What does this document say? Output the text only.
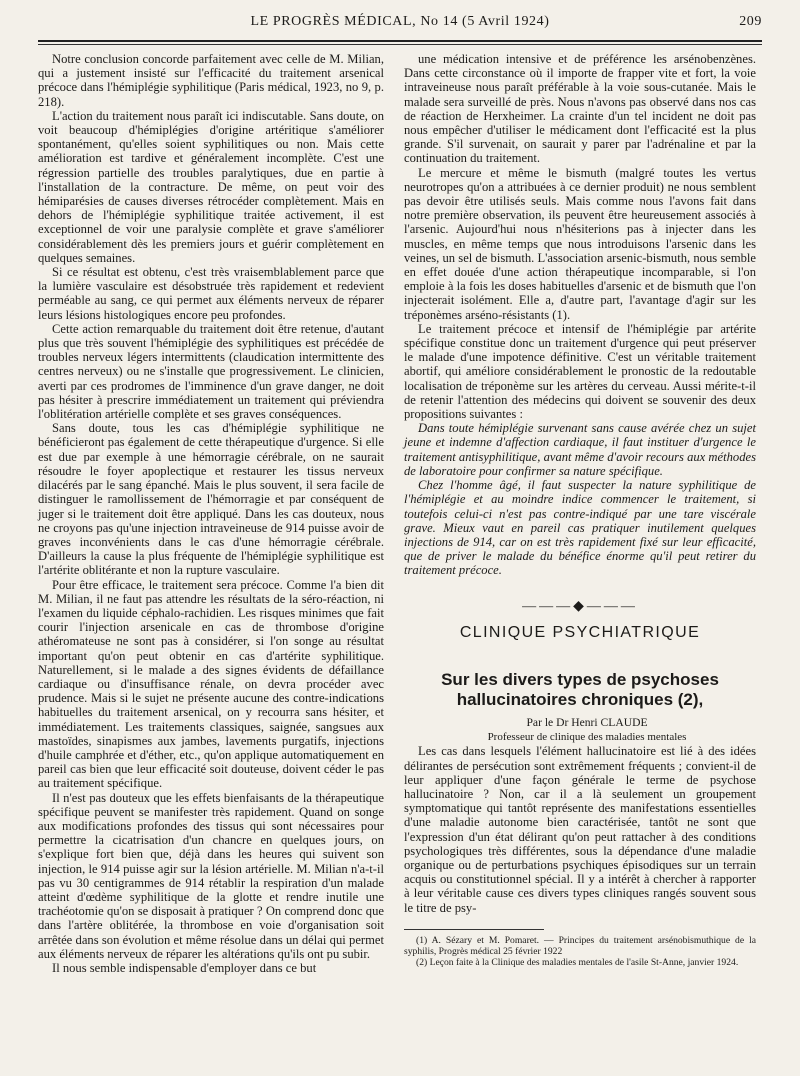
LE PROGRÈS MÉDICAL, No 14 (5 Avril 1924)	209

Notre conclusion concorde parfaitement avec celle de M. Milian, qui a justement insisté sur l'efficacité du traitement arsenical précoce dans l'hémiplégie syphilitique (Paris médical, 1923, no 9, p. 218).

L'action du traitement nous paraît ici indiscutable. Sans doute, on voit beaucoup d'hémiplégies d'origine artéritique s'améliorer spontanément, qu'elles soient syphilitiques ou non. Mais cette amélioration est tardive et généralement incomplète. C'est une régression partielle des troubles paralytiques, due en partie à l'installation de la contracture. De même, on peut voir des hémiparésies de causes diverses rétrocéder complètement. Mais en dehors de l'hémiplégie syphilitique traitée activement, il est exceptionnel de voir une paralysie complète et grave s'améliorer considérablement dès les premiers jours et guérir complètement en quelques semaines.

Si ce résultat est obtenu, c'est très vraisemblablement parce que la lumière vasculaire est désobstruée très rapidement et redevient perméable au sang, ce qui permet aux éléments nerveux de réparer leurs lésions histologiques encore peu profondes.

Cette action remarquable du traitement doit être retenue, d'autant plus que très souvent l'hémiplégie des syphilitiques est précédée de troubles nerveux légers intermittents (claudication intermittente des centres nerveux) ou ne s'installe que progressivement. Le clinicien, averti par ces prodromes de l'imminence d'un grave danger, ne doit pas hésiter à prescrire immédiatement un traitement qui préviendra l'oblitération artérielle complète et ses graves conséquences.

Sans doute, tous les cas d'hémiplégie syphilitique ne bénéficieront pas également de cette thérapeutique d'urgence. Si elle est due par exemple à une hémorragie cérébrale, on ne saurait résoudre le foyer apoplectique et restaurer les tissus nerveux dilacérés par le sang épanché. Mais le plus souvent, il sera facile de distinguer le ramollissement de l'hémorragie et par conséquent de juger si le traitement doit être appliqué. Dans les cas douteux, nous ne croyons pas qu'une injection intraveineuse de 914 puisse avoir de graves inconvénients dans le cas d'une hémorragie cérébrale. D'ailleurs la cause la plus fréquente de l'hémiplégie syphilitique est l'artérite oblitérante et non la rupture vasculaire.

Pour être efficace, le traitement sera précoce. Comme l'a bien dit M. Milian, il ne faut pas attendre les résultats de la séro-réaction, ni l'examen du liquide céphalo-rachidien. Les risques minimes que fait courir l'injection arsenicale en cas de thrombose d'origine athéromateuse ne sont pas à considérer, si l'on songe au résultat important qu'on peut obtenir en cas d'artérite syphilitique. Naturellement, si le malade a des signes évidents de défaillance cardiaque ou d'insuffisance rénale, on devra procéder avec prudence. Mais si le sujet ne présente aucune des contre-indications habituelles du traitement arsenical, on y recourra sans hésiter, et immédiatement. Les traitements classiques, saignée, sangsues aux mastoïdes, sinapismes aux jambes, lavements purgatifs, injections d'huile camphrée et d'éther, etc., qu'on applique automatiquement en pareil cas bien que leur efficacité soit douteuse, doivent céder le pas au traitement spécifique.

Il n'est pas douteux que les effets bienfaisants de la thérapeutique spécifique peuvent se manifester très rapidement. Quand on songe aux modifications profondes des tissus qui sont nécessaires pour permettre la cicatrisation d'un chancre en quelques jours, on s'explique fort bien que, déjà dans les heures qui suivent son injection, le 914 puisse agir sur la lésion artérielle. M. Milian n'a-t-il pas vu 30 centigrammes de 914 rétablir la respiration d'un malade atteint d'œdème syphilitique de la glotte et rendre inutile une trachéotomie qu'on se disposait à pratiquer ? On comprend donc que dans l'artère oblitérée, la thrombose en voie d'organisation soit arrêtée dans son évolution et même résolue dans un délai qui permet aux éléments nerveux de réparer les altérations qu'ils ont pu subir.

Il nous semble indispensable d'employer dans ce but

une médication intensive et de préférence les arsénobenzènes. Dans cette circonstance où il importe de frapper vite et fort, la voie intraveineuse nous paraît préférable à la voie sous-cutanée. Mais le malade sera surveillé de près. Nous n'avons pas observé dans nos cas de réaction de Herxheimer. La crainte d'un tel incident ne doit pas nous empêcher d'utiliser le médicament dont l'efficacité est la plus grande. S'il survenait, on saurait y parer par l'adrénaline et par la continuation du traitement.

Le mercure et même le bismuth (malgré toutes les vertus neurotropes qu'on a attribuées à ce dernier produit) ne nous semblent pas devoir être utilisés seuls. Mais comme nous l'avons fait dans notre première observation, ils peuvent être heureusement associés à l'arsenic. Aujourd'hui nous n'hésiterions pas à injecter dans les muscles, en même temps que nous introduisons l'arsenic dans les veines, un sel de bismuth. L'association arsenic-bismuth, nous semble en effet douée d'une action thérapeutique incomparable, si l'on emploie à la fois les doses habituelles d'arsenic et de bismuth que l'on injecterait isolément. Elle a, d'autre part, l'avantage d'agir sur les tréponèmes arséno-résistants (1).

Le traitement précoce et intensif de l'hémiplégie par artérite spécifique constitue donc un traitement d'urgence qui peut préserver le malade d'une impotence définitive. C'est un véritable traitement abortif, qui améliore considérablement le pronostic de la redoutable localisation de tréponème sur les artères du cerveau. Aussi mérite-t-il de retenir l'attention des médecins qui doivent se souvenir des deux propositions suivantes :

Dans toute hémiplégie survenant sans cause avérée chez un sujet jeune et indemne d'affection cardiaque, il faut instituer d'urgence le traitement antisyphilitique, avant même d'avoir recours aux méthodes de laboratoire pour confirmer sa nature spécifique.

Chez l'homme âgé, il faut suspecter la nature syphilitique de l'hémiplégie et au moindre indice commencer le traitement, si toutefois celui-ci n'est pas contre-indiqué par une tare viscérale grave. Mieux vaut en pareil cas pratiquer inutilement quelques injections de 914, car on est très rapidement fixé sur leur efficacité, que de priver le malade du bénéfice énorme qu'il peut retirer du traitement précoce.

———◆———
CLINIQUE PSYCHIATRIQUE
Sur les divers types de psychoses
hallucinatoires chroniques (2),

Par le Dr Henri CLAUDE

Professeur de clinique des maladies mentales

Les cas dans lesquels l'élément hallucinatoire est lié à des idées délirantes de persécution sont extrêmement fréquents ; convient-il de leur appliquer d'une façon générale le terme de psychose hallucinatoire ? Non, car il a là seulement un groupement symptomatique qui tantôt représente des manifestations essentielles d'une maladie autonome bien caractérisée, tantôt ne sont que l'expression d'un état délirant qu'on peut rattacher à des conditions psychologiques très différentes, sous la dépendance d'une maladie organique ou de perturbations psychiques épisodiques sur un terrain acquis ou constitutionnel spécial. Il y a intérêt à chercher à rapporter à leur véritable cause ces divers types cliniques rangés souvent sous le titre de psy-

(1) A. Sézary et M. Pomaret. — Principes du traitement arsénobismuthique de la syphilis, Progrès médical 25 février 1922

(2) Leçon faite à la Clinique des maladies mentales de l'asile St-Anne, janvier 1924.
